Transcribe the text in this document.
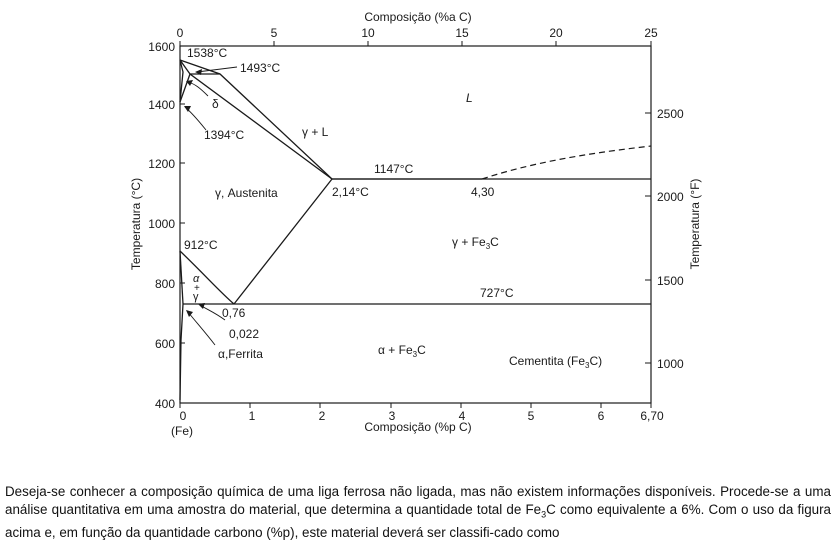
0	5	10	15	20	25
Composição (%a C)
0	1	2	3	4	5	6	6,70
(Fe)	Composição (%p C)
1600
1400
1200
1000
800
600
400
Temperatura (°C)
2500
2000
1500
1000
Temperatura (°F)
1538°C
1493°C
δ
1394°C
L
γ + L
γ, Austenita
1147°C
2,14°C	4,30
$\gamma + Fe_3C$
912°C
α
+
γ	727°C
0,76
0,022
α,Ferrita	$\alpha + Fe_3C$
Cementita $(Fe_3C)$

Deseja-se conhecer a composição química de uma liga ferrosa não ligada, mas não existem informações disponíveis. Procede-se a uma análise quantitativa em uma amostra do material, que determina a quantidade total de $Fe_3C$ como equivalente a 6%. Com o uso da figura acima e, em função da quantidade carbono (%p), este material deverá ser classifi-cado como
